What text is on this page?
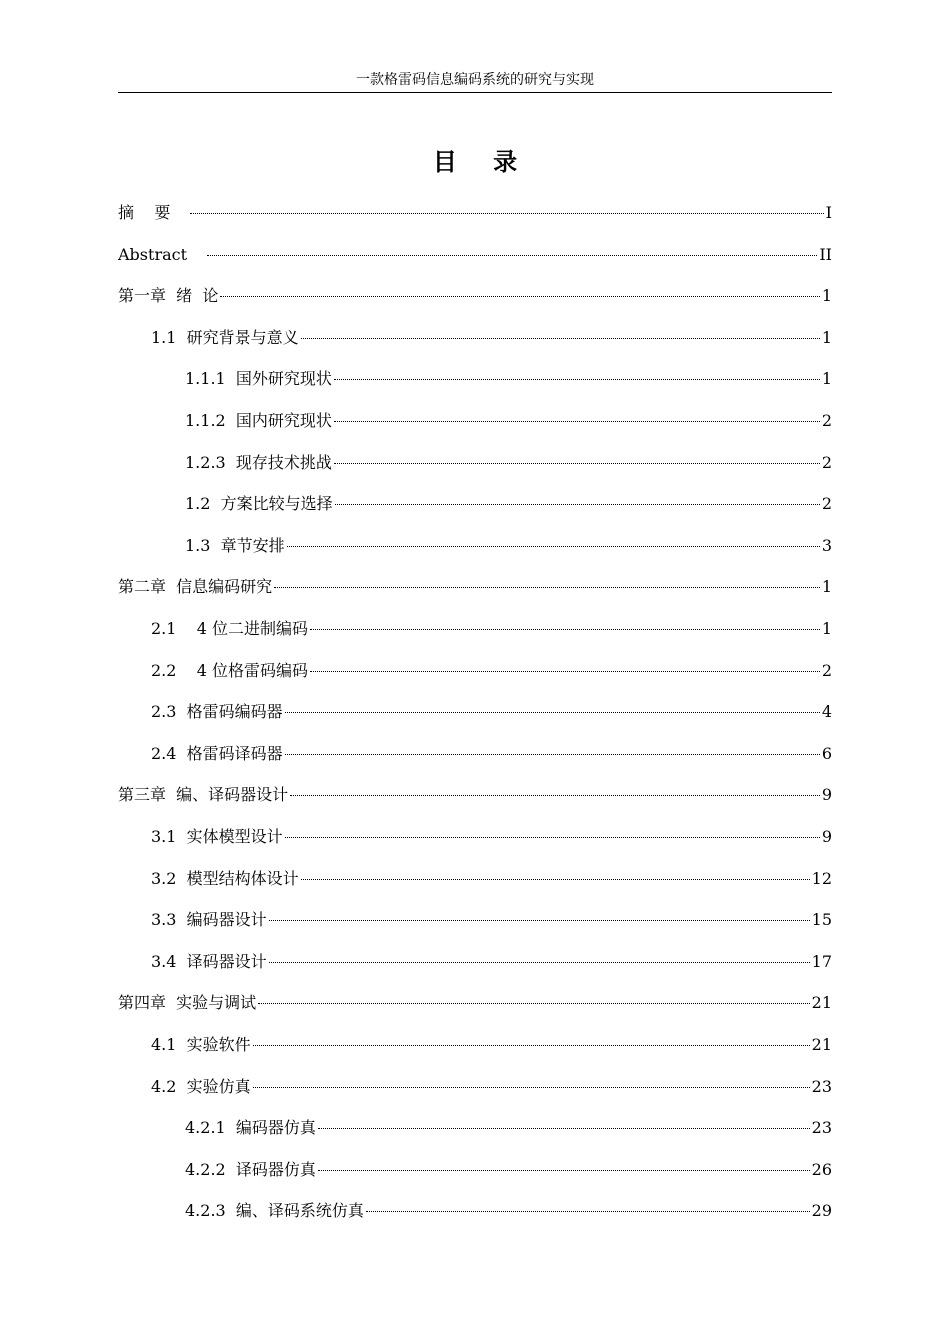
一款格雷码信息编码系统的研究与实现
目 录
摘    要	I
Abstract	II
第一章  绪  论	1
1.1  研究背景与意义	1
1.1.1  国外研究现状	1
1.1.2  国内研究现状	2
1.2.3  现存技术挑战	2
1.2  方案比较与选择	2
1.3  章节安排	3
第二章  信息编码研究	1
2.1    4 位二进制编码	1
2.2    4 位格雷码编码	2
2.3  格雷码编码器	4
2.4  格雷码译码器	6
第三章  编、译码器设计	9
3.1  实体模型设计	9
3.2  模型结构体设计	12
3.3  编码器设计	15
3.4  译码器设计	17
第四章  实验与调试	21
4.1  实验软件	21
4.2  实验仿真	23
4.2.1  编码器仿真	23
4.2.2  译码器仿真	26
4.2.3  编、译码系统仿真	29
